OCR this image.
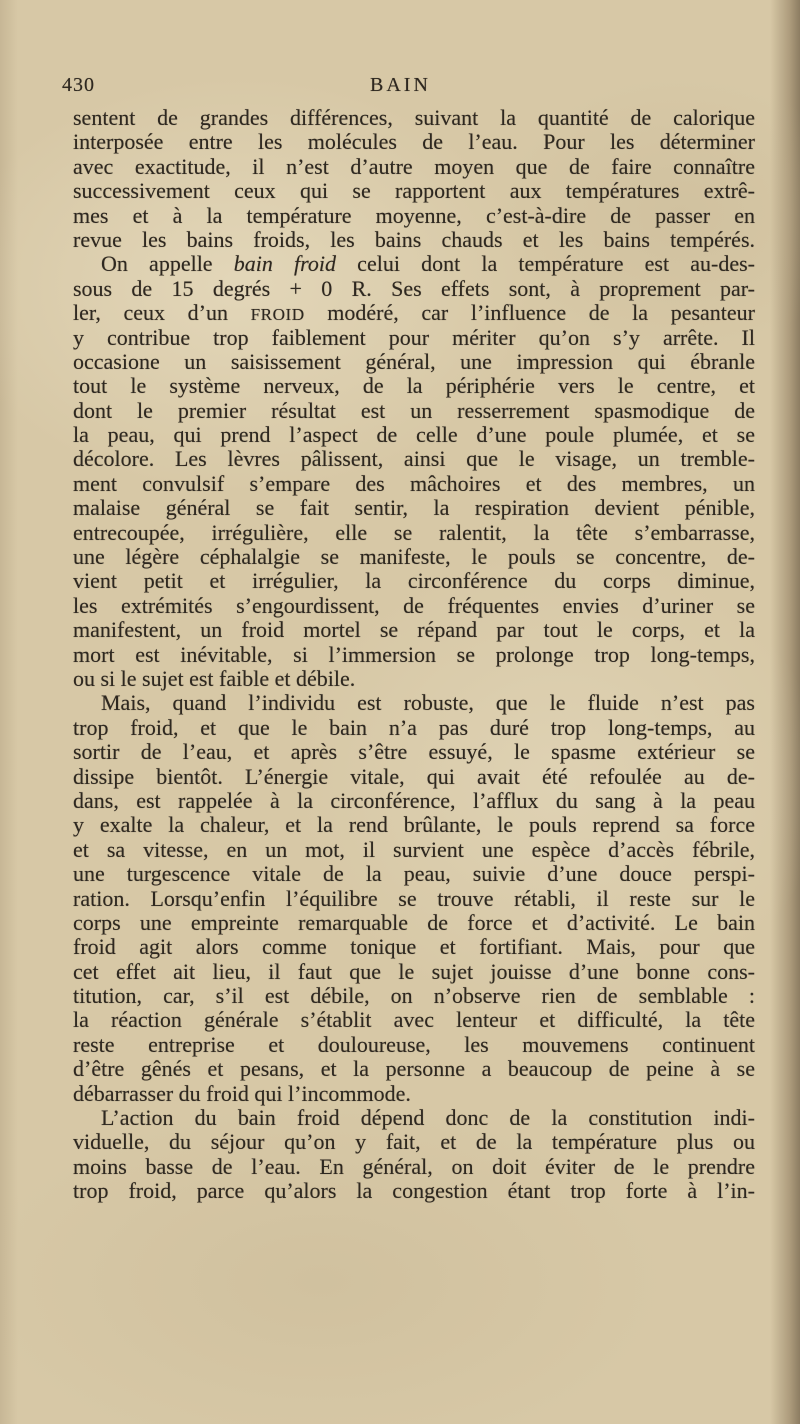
430	BAIN
sentent de grandes différences, suivant la quantité de calorique
interposée entre les molécules de l’eau. Pour les déterminer
avec exactitude, il n’est d’autre moyen que de faire connaître
successivement ceux qui se rapportent aux températures extrê-
mes et à la température moyenne, c’est-à-dire de passer en
revue les bains froids, les bains chauds et les bains tempérés.
On appelle bain froid celui dont la température est au-des-
sous de 15 degrés + 0 R. Ses effets sont, à proprement par-
ler, ceux d’un FROID modéré, car l’influence de la pesanteur
y contribue trop faiblement pour mériter qu’on s’y arrête. Il
occasione un saisissement général, une impression qui ébranle
tout le système nerveux, de la périphérie vers le centre, et
dont le premier résultat est un resserrement spasmodique de
la peau, qui prend l’aspect de celle d’une poule plumée, et se
décolore. Les lèvres pâlissent, ainsi que le visage, un tremble-
ment convulsif s’empare des mâchoires et des membres, un
malaise général se fait sentir, la respiration devient pénible,
entrecoupée, irrégulière, elle se ralentit, la tête s’embarrasse,
une légère céphalalgie se manifeste, le pouls se concentre, de-
vient petit et irrégulier, la circonférence du corps diminue,
les extrémités s’engourdissent, de fréquentes envies d’uriner se
manifestent, un froid mortel se répand par tout le corps, et la
mort est inévitable, si l’immersion se prolonge trop long-temps,
ou si le sujet est faible et débile.
Mais, quand l’individu est robuste, que le fluide n’est pas
trop froid, et que le bain n’a pas duré trop long-temps, au
sortir de l’eau, et après s’être essuyé, le spasme extérieur se
dissipe bientôt. L’énergie vitale, qui avait été refoulée au de-
dans, est rappelée à la circonférence, l’afflux du sang à la peau
y exalte la chaleur, et la rend brûlante, le pouls reprend sa force
et sa vitesse, en un mot, il survient une espèce d’accès fébrile,
une turgescence vitale de la peau, suivie d’une douce perspi-
ration. Lorsqu’enfin l’équilibre se trouve rétabli, il reste sur le
corps une empreinte remarquable de force et d’activité. Le bain
froid agit alors comme tonique et fortifiant. Mais, pour que
cet effet ait lieu, il faut que le sujet jouisse d’une bonne cons-
titution, car, s’il est débile, on n’observe rien de semblable :
la réaction générale s’établit avec lenteur et difficulté, la tête
reste entreprise et douloureuse, les mouvemens continuent
d’être gênés et pesans, et la personne a beaucoup de peine à se
débarrasser du froid qui l’incommode.
L’action du bain froid dépend donc de la constitution indi-
viduelle, du séjour qu’on y fait, et de la température plus ou
moins basse de l’eau. En général, on doit éviter de le prendre
trop froid, parce qu’alors la congestion étant trop forte à l’in-
